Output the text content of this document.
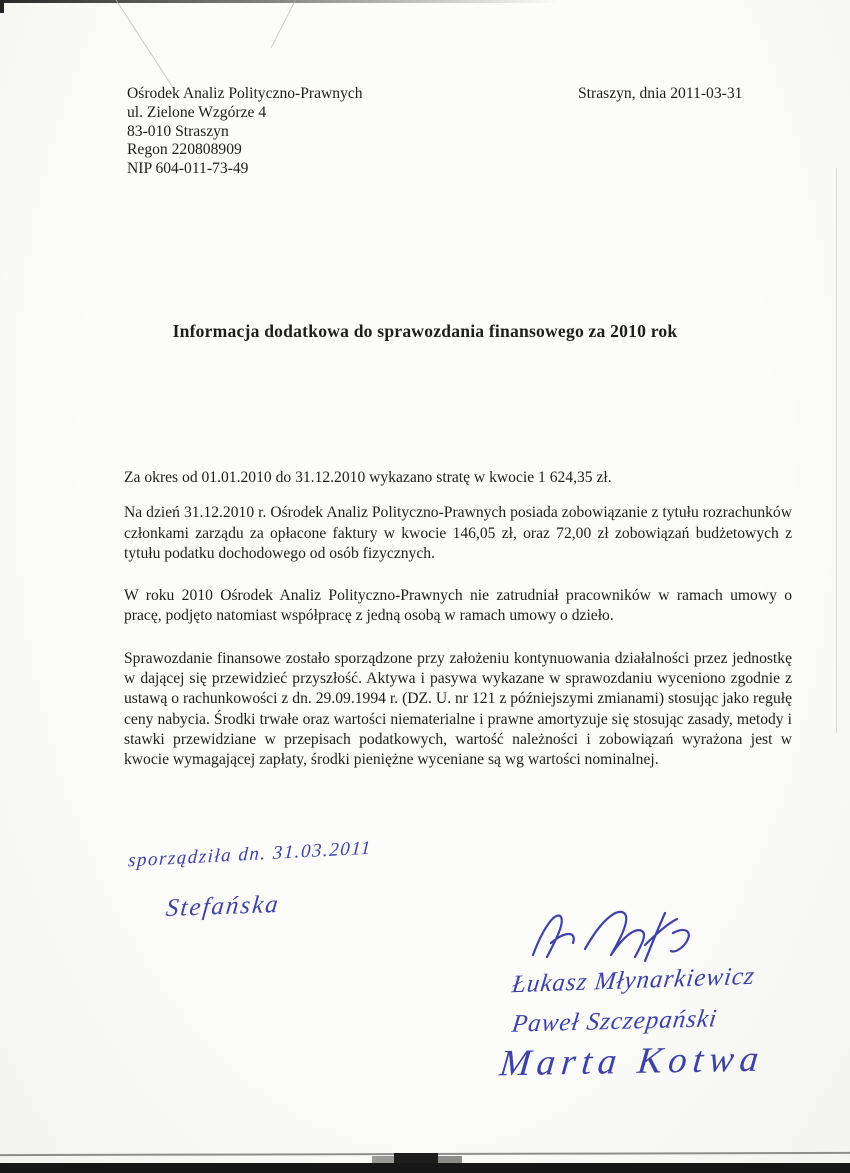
Ośrodek Analiz Polityczno-Prawnych
ul. Zielone Wzgórze 4
83-010 Straszyn
Regon 220808909
NIP 604-011-73-49
Straszyn, dnia 2011-03-31
Informacja dodatkowa do sprawozdania finansowego za 2010 rok

Za okres od 01.01.2010 do 31.12.2010 wykazano stratę w kwocie 1 624,35 zł.

Na dzień 31.12.2010 r. Ośrodek Analiz Polityczno-Prawnych posiada zobowiązanie z tytułu rozrachunków członkami zarządu za opłacone faktury w kwocie 146,05 zł, oraz 72,00 zł zobowiązań budżetowych z tytułu podatku dochodowego od osób fizycznych.

W roku 2010 Ośrodek Analiz Polityczno-Prawnych nie zatrudniał pracowników w ramach umowy o pracę, podjęto natomiast współpracę z jedną osobą w ramach umowy o dzieło.

Sprawozdanie finansowe zostało sporządzone przy założeniu kontynuowania działalności przez jednostkę w dającej się przewidzieć przyszłość. Aktywa i pasywa wykazane w sprawozdaniu wyceniono zgodnie z ustawą o rachunkowości z dn. 29.09.1994 r. (DZ. U. nr 121 z późniejszymi zmianami) stosując jako regułę ceny nabycia. Środki trwałe oraz wartości niematerialne i prawne amortyzuje się stosując zasady, metody i stawki przewidziane w przepisach podatkowych, wartość należności i zobowiązań wyrażona jest w kwocie wymagającej zapłaty, środki pieniężne wyceniane są wg wartości nominalnej.

sporządziła dn. 31.03.2011
Stefańska
Łukasz Młynarkiewicz
Paweł Szczepański
Marta Kotwa
